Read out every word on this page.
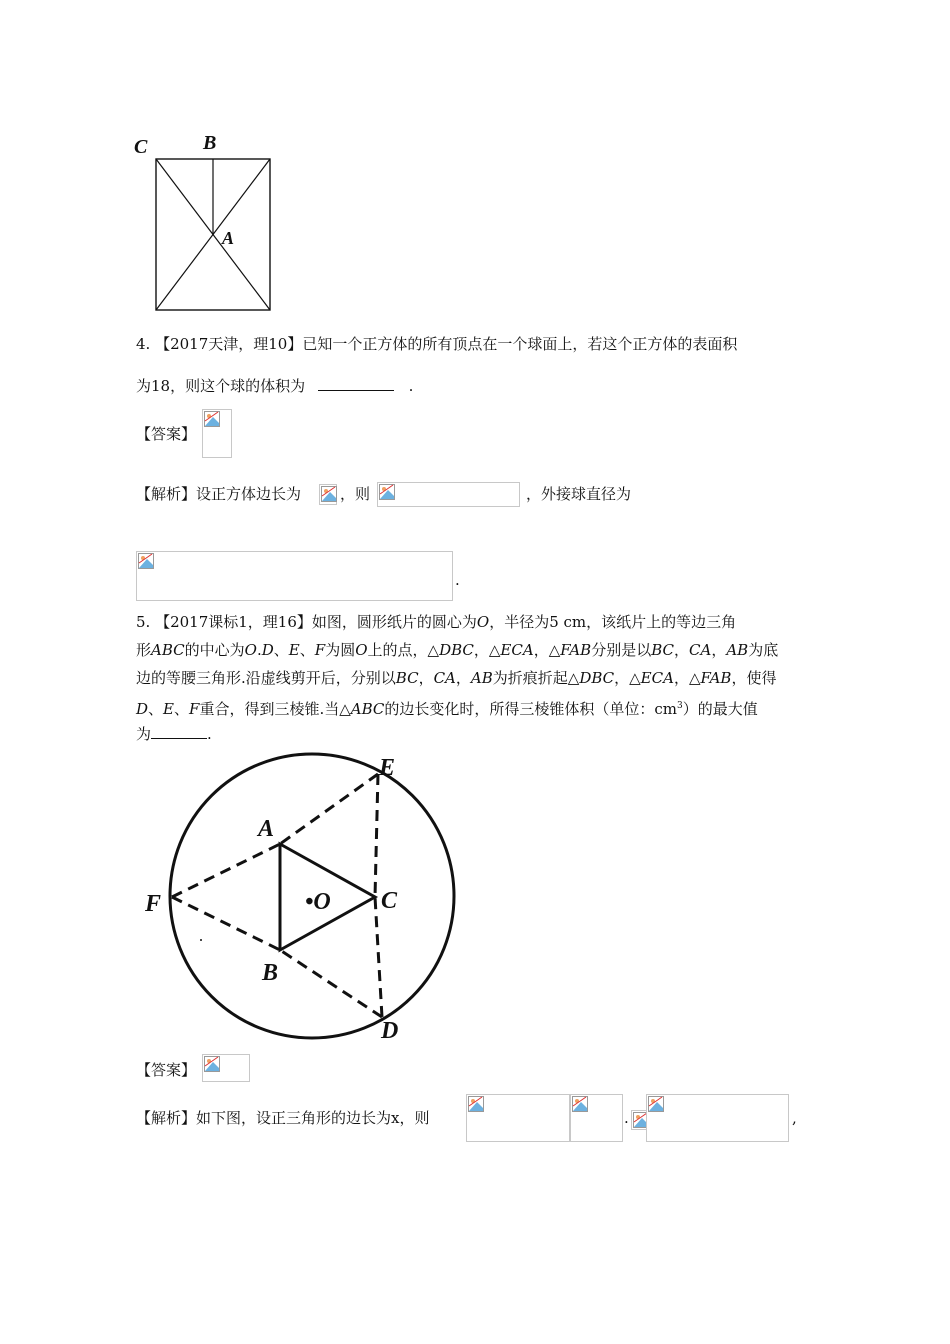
C	B
A
4. 【2017天津，理10】已知一个正方体的所有顶点在一个球面上，若这个正方体的表面积
为18，则这个球的体积为	.
【答案】
【解析】设正方体边长为	，则	，外接球直径为
.
5. 【2017课标1，理16】如图，圆形纸片的圆心为O，半径为5 cm，该纸片上的等边三角
形ABC的中心为O.D、E、F为圆O上的点，△DBC，△ECA，△FAB分别是以BC，CA，AB为底
边的等腰三角形.沿虚线剪开后，分别以BC，CA，AB为折痕折起△DBC，△ECA，△FAB，使得
D、E、F重合，得到三棱锥.当△ABC的边长变化时，所得三棱锥体积（单位：$cm^3$）的最大值
为	.
E
A
F	•O C
B
D
【答案】
【解析】如下图，设正三角形的边长为x，则	.	,
